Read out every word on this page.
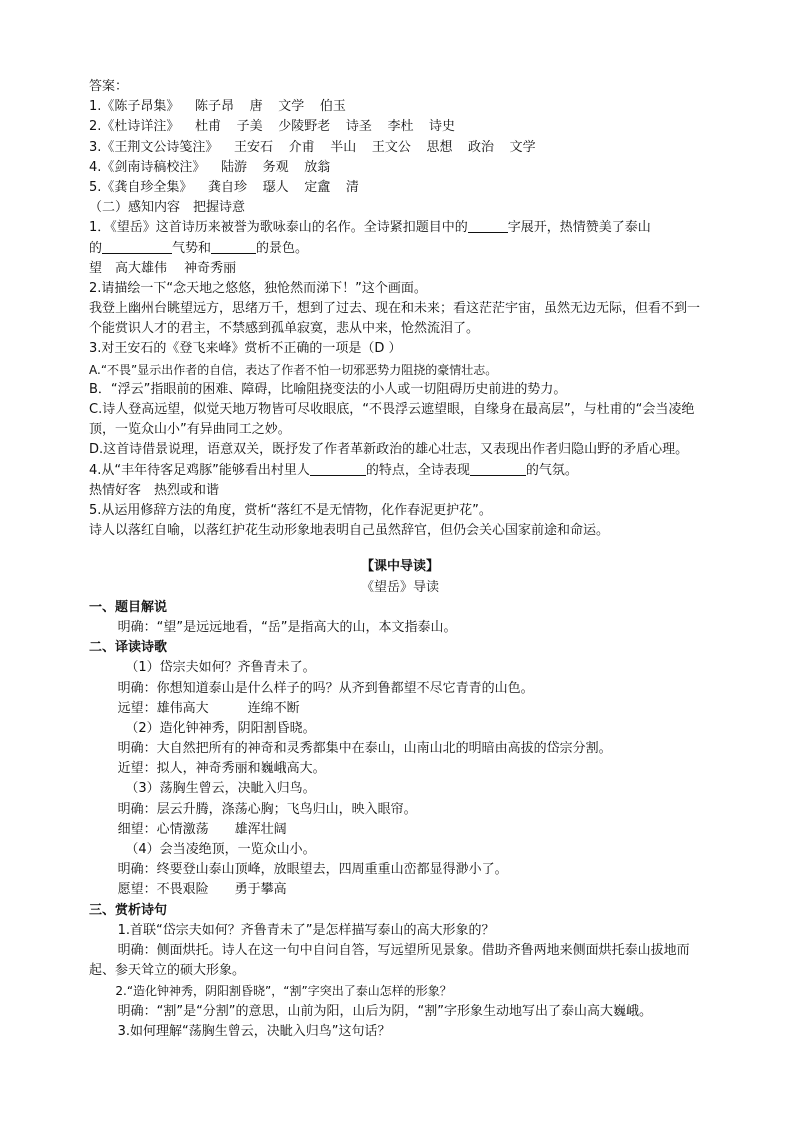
答案：
1.《陈子昂集》 陈子昂 唐 文学 伯玉
2.《杜诗详注》 杜甫 子美 少陵野老 诗圣 李杜 诗史
3.《王荆文公诗笺注》 王安石 介甫 半山 王文公 思想 政治 文学
4.《剑南诗稿校注》 陆游 务观 放翁
5.《龚自珍全集》 龚自珍 璱人 定盦 清
（二）感知内容　把握诗意
1．《望岳》这首诗历来被誉为歌咏泰山的名作。全诗紧扣题目中的	字展开，热情赞美了泰山
的	气势和	的景色。
望　高大雄伟　 神奇秀丽
2.请描绘一下“念天地之悠悠，独怆然而涕下！”这个画面。

我登上幽州台眺望远方，思绪万千，想到了过去、现在和未来；看这茫茫宇宙，虽然无边无际，但看不到一个能赏识人才的君主，不禁感到孤单寂寞，悲从中来，怆然流泪了。

3.对王安石的《登飞来峰》赏析不正确的一项是（D ）
A.“不畏”显示出作者的自信，表达了作者不怕一切邪恶势力阻挠的豪情壮志。
B．“浮云”指眼前的困难、障碍，比喻阻挠变法的小人或一切阻碍历史前进的势力。

C.诗人登高远望，似觉天地万物皆可尽收眼底，“不畏浮云遮望眼，自缘身在最高层”，与杜甫的“会当凌绝顶，一览众山小”有异曲同工之妙。

D.这首诗借景说理，语意双关，既抒发了作者革新政治的雄心壮志，又表现出作者归隐山野的矛盾心理。

4.从“丰年待客足鸡豚”能够看出村里人	的特点，全诗表现	的气氛。
热情好客　热烈或和谐
5.从运用修辞方法的角度，赏析“落红不是无情物，化作春泥更护花”。
诗人以落红自喻，以落红护花生动形象地表明自己虽然辞官，但仍会关心国家前途和命运。
【课中导读】
《望岳》导读
一、题目解说
明确：“望”是远远地看，“岳”是指高大的山，本文指泰山。
二、译读诗歌
（1）岱宗夫如何？齐鲁青未了。
明确：你想知道泰山是什么样子的吗？从齐到鲁都望不尽它青青的山色。
远望：雄伟高大　　　连绵不断
（2）造化钟神秀，阴阳割昏晓。
明确：大自然把所有的神奇和灵秀都集中在泰山，山南山北的明暗由高拔的岱宗分割。
近望：拟人，神奇秀丽和巍峨高大。
（3）荡胸生曾云，决眦入归鸟。
明确：层云升腾，涤荡心胸；飞鸟归山，映入眼帘。
细望：心情激荡　　雄浑壮阔
（4）会当凌绝顶，一览众山小。
明确：终要登山泰山顶峰，放眼望去，四周重重山峦都显得渺小了。
愿望：不畏艰险　　勇于攀高
三、赏析诗句
1.首联“岱宗夫如何？齐鲁青未了”是怎样描写泰山的高大形象的？

明确：侧面烘托。诗人在这一句中自问自答，写远望所见景象。借助齐鲁两地来侧面烘托泰山拔地而起、参天耸立的硕大形象。

2.“造化钟神秀，阴阳割昏晓”，“割”字突出了泰山怎样的形象？

明确：“割”是“分割”的意思，山前为阳，山后为阴，“割”字形象生动地写出了泰山高大巍峨。

3.如何理解“荡胸生曾云，决眦入归鸟”这句话？
